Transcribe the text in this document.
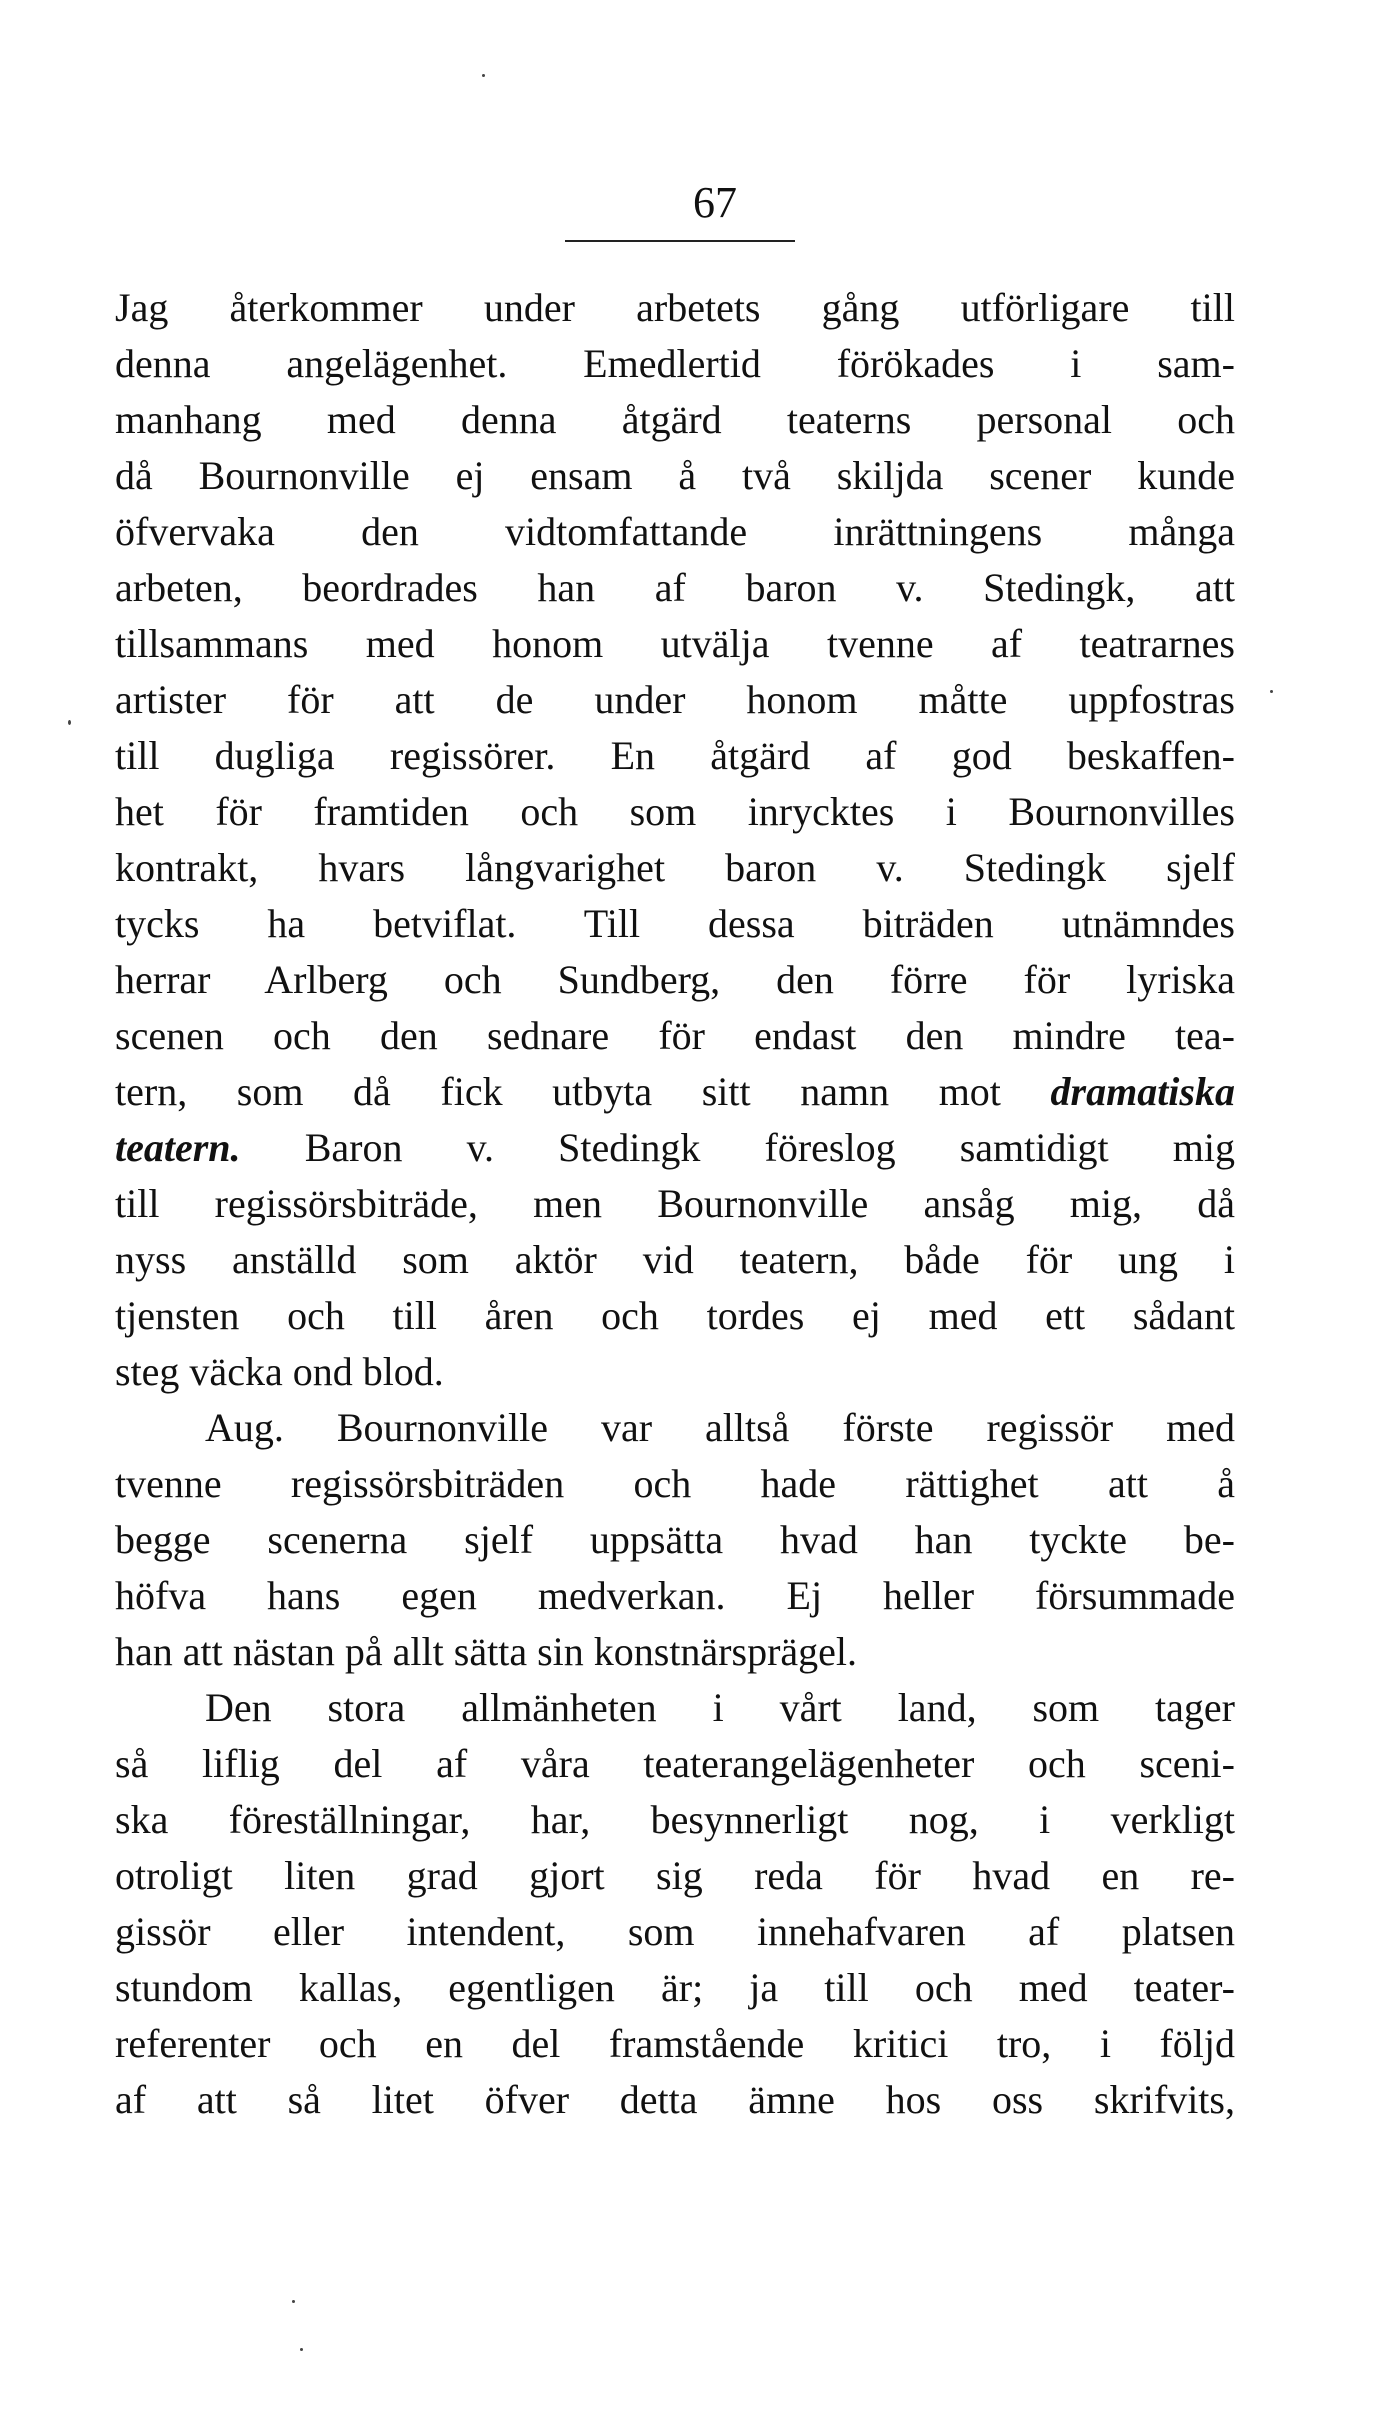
67
Jag återkommer under arbetets gång utförligare till
denna angelägenhet. Emedlertid förökades i sam-
manhang med denna åtgärd teaterns personal och
då Bournonville ej ensam å två skiljda scener kunde
öfvervaka den vidtomfattande inrättningens många
arbeten, beordrades han af baron v. Stedingk, att
tillsammans med honom utvälja tvenne af teatrarnes
artister för att de under honom måtte uppfostras
till dugliga regissörer. En åtgärd af god beskaffen-
het för framtiden och som inrycktes i Bournonvilles
kontrakt, hvars långvarighet baron v. Stedingk sjelf
tycks ha betviflat. Till dessa biträden utnämndes
herrar Arlberg och Sundberg, den förre för lyriska
scenen och den sednare för endast den mindre tea-
tern, som då fick utbyta sitt namn mot dramatiska
teatern. Baron v. Stedingk föreslog samtidigt mig
till regissörsbiträde, men Bournonville ansåg mig, då
nyss anställd som aktör vid teatern, både för ung i
tjensten och till åren och tordes ej med ett sådant
steg väcka ond blod.
Aug. Bournonville var alltså förste regissör med
tvenne regissörsbiträden och hade rättighet att å
begge scenerna sjelf uppsätta hvad han tyckte be-
höfva hans egen medverkan. Ej heller försummade
han att nästan på allt sätta sin konstnärsprägel.
Den stora allmänheten i vårt land, som tager
så liflig del af våra teaterangelägenheter och sceni-
ska föreställningar, har, besynnerligt nog, i verkligt
otroligt liten grad gjort sig reda för hvad en re-
gissör eller intendent, som innehafvaren af platsen
stundom kallas, egentligen är; ja till och med teater-
referenter och en del framstående kritici tro, i följd
af att så litet öfver detta ämne hos oss skrifvits,
